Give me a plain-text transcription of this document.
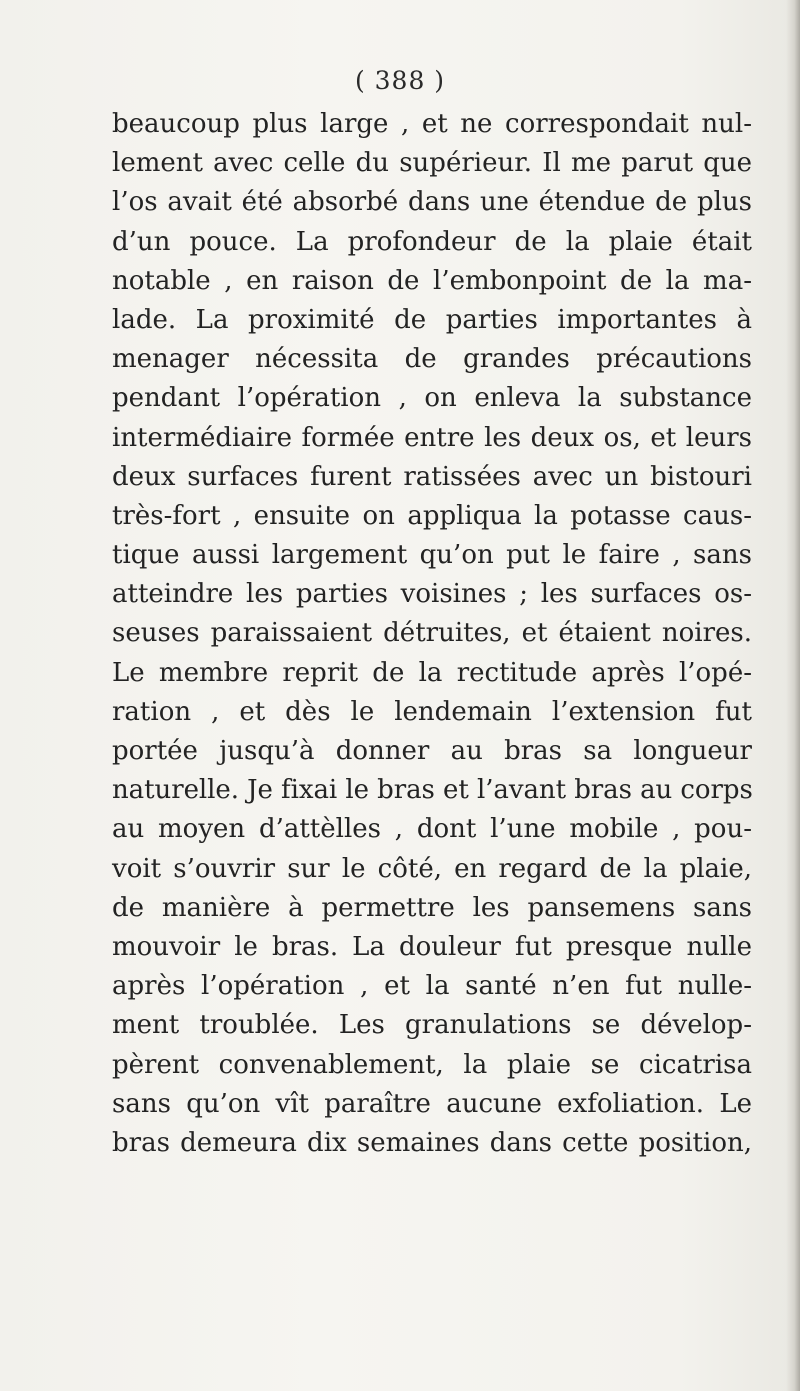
( 388 )
beaucoup plus large , et ne correspondait nul-
lement avec celle du supérieur. Il me parut que
l’os avait été absorbé dans une étendue de plus
d’un pouce. La profondeur de la plaie était
notable , en raison de l’embonpoint de la ma-
lade. La proximité de parties importantes à
menager nécessita de grandes précautions
pendant l’opération , on enleva la substance
intermédiaire formée entre les deux os, et leurs
deux surfaces furent ratissées avec un bistouri
très-fort , ensuite on appliqua la potasse caus-
tique aussi largement qu’on put le faire , sans
atteindre les parties voisines ; les surfaces os-
seuses paraissaient détruites, et étaient noires.
Le membre reprit de la rectitude après l’opé-
ration , et dès le lendemain l’extension fut
portée jusqu’à donner au bras sa longueur
naturelle. Je fixai le bras et l’avant bras au corps
au moyen d’attèlles , dont l’une mobile , pou-
voit s’ouvrir sur le côté, en regard de la plaie,
de manière à permettre les pansemens sans
mouvoir le bras. La douleur fut presque nulle
après l’opération , et la santé n’en fut nulle-
ment troublée. Les granulations se dévelop-
pèrent convenablement, la plaie se cicatrisa
sans qu’on vît paraître aucune exfoliation. Le
bras demeura dix semaines dans cette position,
